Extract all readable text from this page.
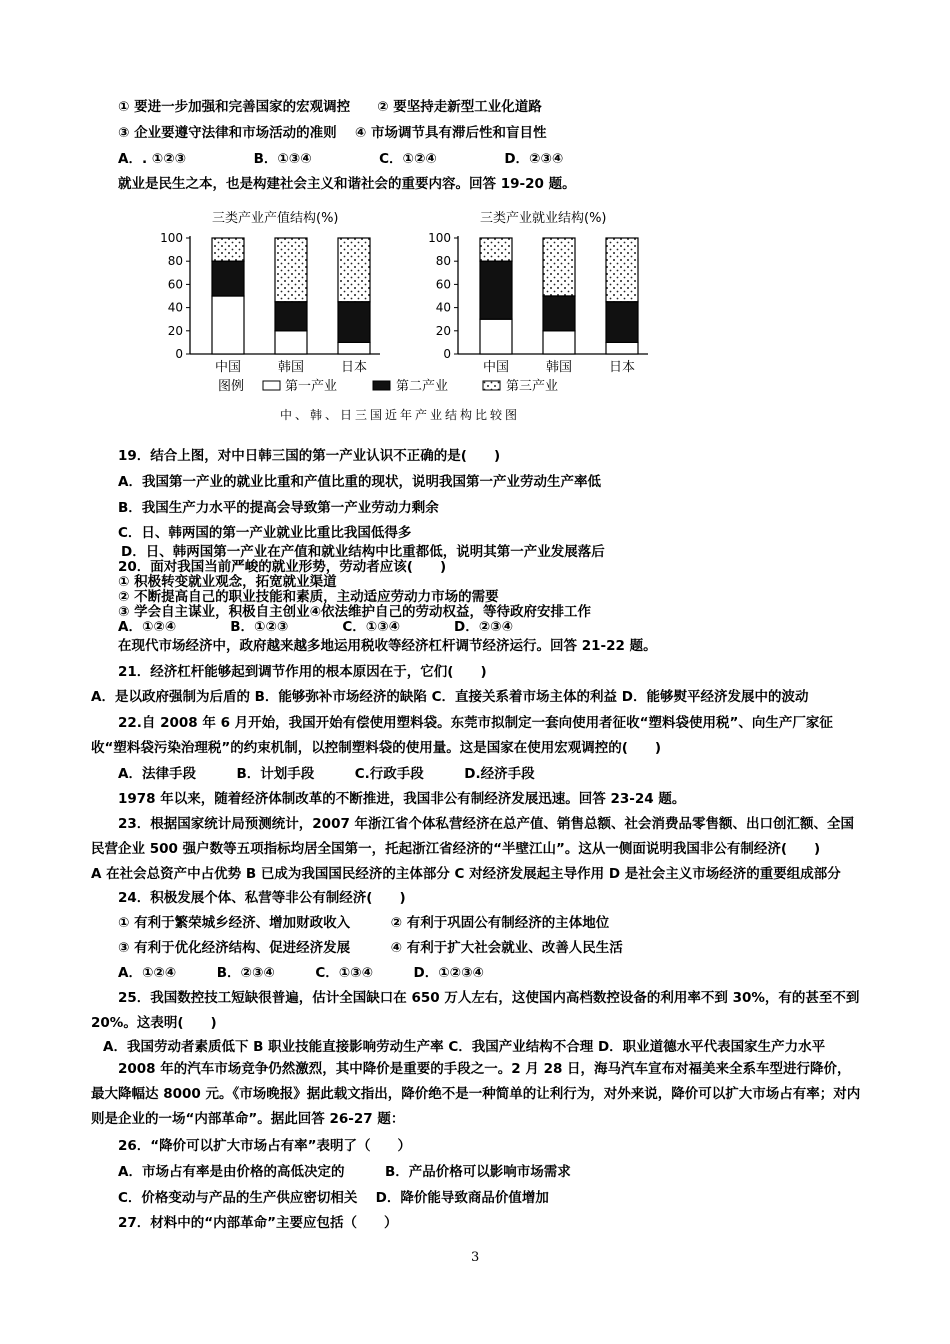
① 要进一步加强和完善国家的宏观调控　　② 要坚持走新型工业化道路
③ 企业要遵守法律和市场活动的准则　 ④ 市场调节具有滞后性和盲目性
A．. ①②③　　　　　B．①③④　　　　　C．①②④　　　　　D．②③④
就业是民生之本，也是构建社会主义和谐社会的重要内容。回答 19-20 题。
19．结合上图，对中日韩三国的第一产业认识不正确的是(　　)
A．我国第一产业的就业比重和产值比重的现状，说明我国第一产业劳动生产率低
B．我国生产力水平的提高会导致第一产业劳动力剩余
C．日、韩两国的第一产业就业比重比我国低得多
D．日、韩两国第一产业在产值和就业结构中比重都低，说明其第一产业发展落后
20．面对我国当前严峻的就业形势，劳动者应该(　　)
① 积极转变就业观念，拓宽就业渠道
② 不断提高自己的职业技能和素质，主动适应劳动力市场的需要
③ 学会自主谋业，积极自主创业④依法维护自己的劳动权益，等待政府安排工作
A．①②④　　　　B．①②③　　　　C．①③④　　　　D．②③④
在现代市场经济中，政府越来越多地运用税收等经济杠杆调节经济运行。回答 21-22 题。
21．经济杠杆能够起到调节作用的根本原因在于，它们(　　)
A．是以政府强制为后盾的 B．能够弥补市场经济的缺陷 C．直接关系着市场主体的利益 D．能够熨平经济发展中的波动
22.自 2008 年 6 月开始，我国开始有偿使用塑料袋。东莞市拟制定一套向使用者征收“塑料袋使用税”、向生产厂家征
收“塑料袋污染治理税”的约束机制，以控制塑料袋的使用量。这是国家在使用宏观调控的(　　)
A．法律手段　　　B．计划手段　　　C.行政手段　　　D.经济手段
1978 年以来，随着经济体制改革的不断推进，我国非公有制经济发展迅速。回答 23-24 题。
23．根据国家统计局预测统计，2007 年浙江省个体私营经济在总产值、销售总额、社会消费品零售额、出口创汇额、全国
民营企业 500 强户数等五项指标均居全国第一，托起浙江省经济的“半壁江山”。这从一侧面说明我国非公有制经济(　　)
A 在社会总资产中占优势 B 已成为我国国民经济的主体部分 C 对经济发展起主导作用 D 是社会主义市场经济的重要组成部分
24．积极发展个体、私营等非公有制经济(　　)
① 有利于繁荣城乡经济、增加财政收入　　　② 有利于巩固公有制经济的主体地位
③ 有利于优化经济结构、促进经济发展　　　④ 有利于扩大社会就业、改善人民生活
A．①②④　　　B．②③④　　　C．①③④　　　D．①②③④
25．我国数控技工短缺很普遍，估计全国缺口在 650 万人左右，这使国内高档数控设备的利用率不到 30%，有的甚至不到
20%。这表明(　　)
A．我国劳动者素质低下 B 职业技能直接影响劳动生产率 C．我国产业结构不合理 D．职业道德水平代表国家生产力水平
2008 年的汽车市场竞争仍然激烈，其中降价是重要的手段之一。2 月 28 日，海马汽车宣布对福美来全系车型进行降价，
最大降幅达 8000 元。《市场晚报》据此载文指出，降价绝不是一种简单的让利行为，对外来说，降价可以扩大市场占有率；对内
则是企业的一场“内部革命”。据此回答 26-27 题：
26．“降价可以扩大市场占有率”表明了（　　）
A．市场占有率是由价格的高低决定的　　　B．产品价格可以影响市场需求
C．价格变动与产品的生产供应密切相关　 D．降价能导致商品价值增加
27．材料中的“内部革命”主要应包括（　　）
三类产业产值结构(%)
0
20
40
60
80
100
中国	韩国	日本
三类产业就业结构(%)
0
20
40
60
80
100
中国	韩国	日本
图例	第一产业	第二产业	第三产业
中、韩、日三国近年产业结构比较图
3
